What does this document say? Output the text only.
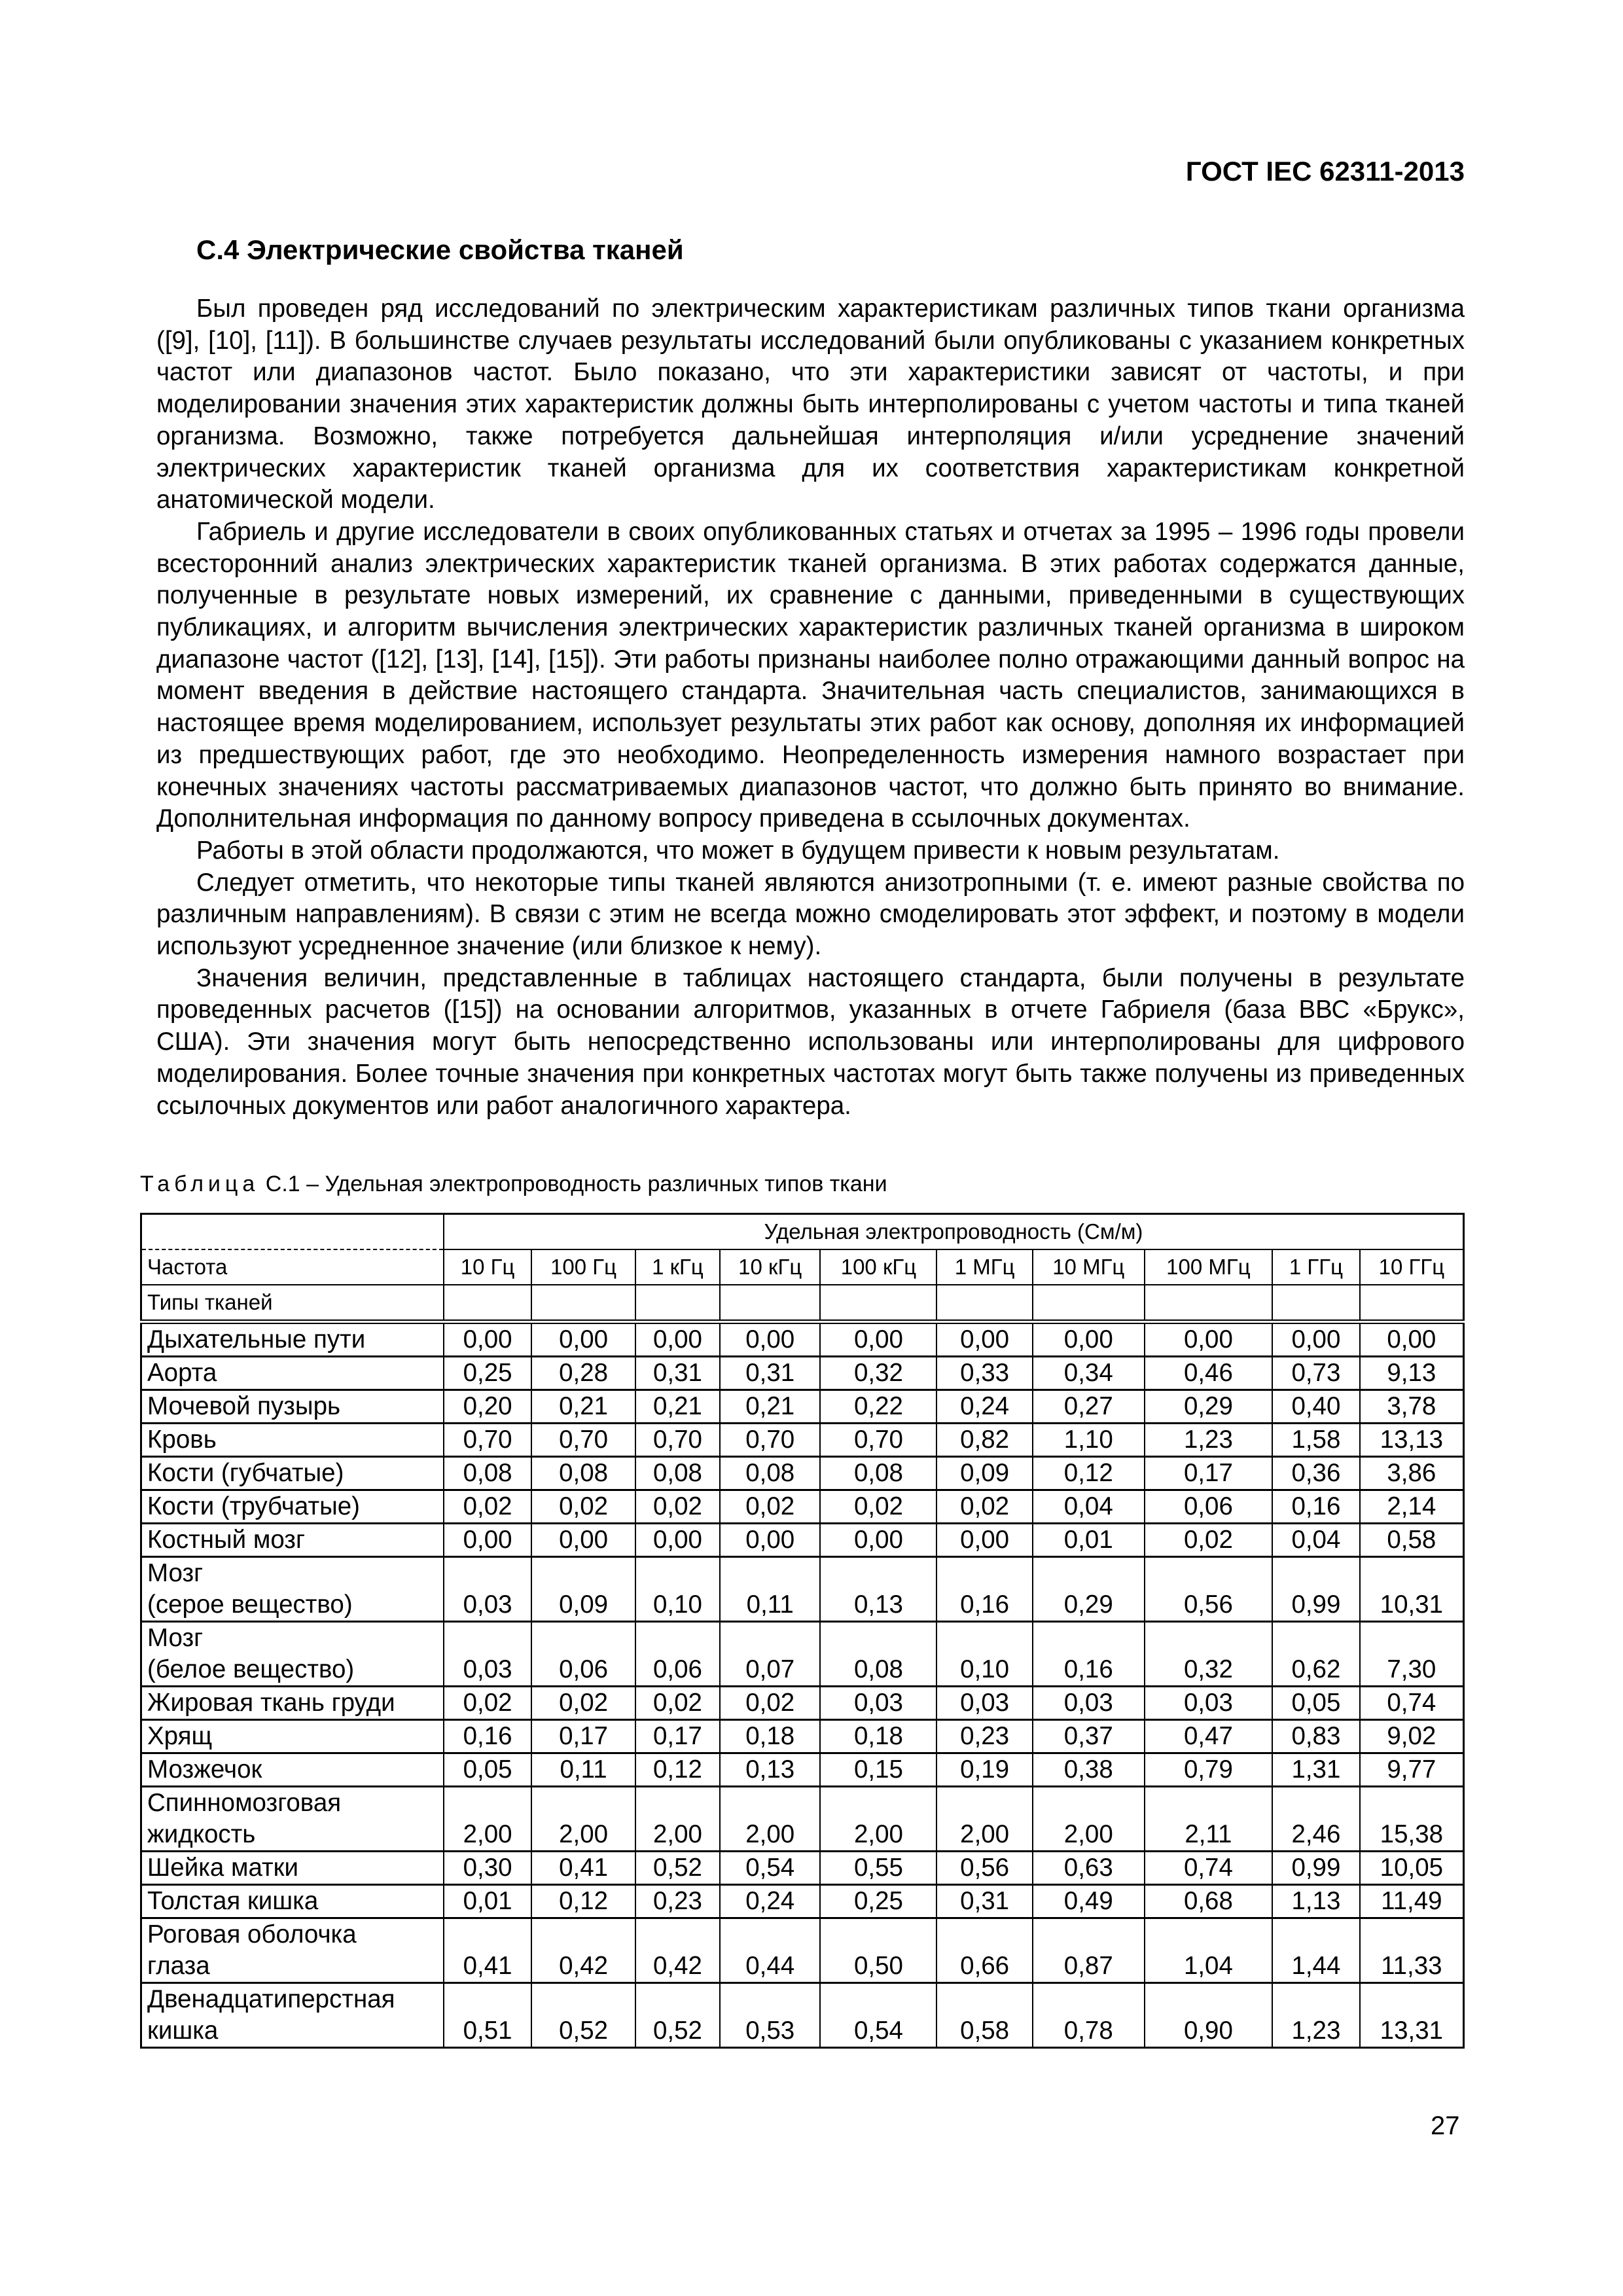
ГОСТ IEC 62311-2013
С.4 Электрические свойства тканей

Был проведен ряд исследований по электрическим характеристикам различных типов ткани организма ([9], [10], [11]). В большинстве случаев результаты исследований были опубликованы с указанием конкретных частот или диапазонов частот. Было показано, что эти характеристики зависят от частоты, и при моделировании значения этих характеристик должны быть интерполированы с учетом частоты и типа тканей организма. Возможно, также потребуется дальнейшая интерполяция и/или усреднение значений электрических характеристик тканей организма для их соответствия характеристикам конкретной анатомической модели.

Габриель и другие исследователи в своих опубликованных статьях и отчетах за 1995 – 1996 годы провели всесторонний анализ электрических характеристик тканей организма. В этих работах содержатся данные, полученные в результате новых измерений, их сравнение с данными, приведенными в существующих публикациях, и алгоритм вычисления электрических характеристик различных тканей организма в широком диапазоне частот ([12], [13], [14], [15]). Эти работы признаны наиболее полно отражающими данный вопрос на момент введения в действие настоящего стандарта. Значительная часть специалистов, занимающихся в настоящее время моделированием, использует результаты этих работ как основу, дополняя их информацией из предшествующих работ, где это необходимо. Неопределенность измерения намного возрастает при конечных значениях частоты рассматриваемых диапазонов частот, что должно быть принято во внимание. Дополнительная информация по данному вопросу приведена в ссылочных документах.

Работы в этой области продолжаются, что может в будущем привести к новым результатам.

Следует отметить, что некоторые типы тканей являются анизотропными (т. е. имеют разные свойства по различным направлениям). В связи с этим не всегда можно смоделировать этот эффект, и поэтому в модели используют усредненное значение (или близкое к нему).

Значения величин, представленные в таблицах настоящего стандарта, были получены в результате проведенных расчетов ([15]) на основании алгоритмов, указанных в отчете Габриеля (база ВВС «Брукс», США). Эти значения могут быть непосредственно использованы или интерполированы для цифрового моделирования. Более точные значения при конкретных частотах могут быть также получены из приведенных ссылочных документов или работ аналогичного характера.

Таблица С.1 – Удельная электропроводность различных типов ткани
	Удельная электропроводность (См/м)									
Частота	10 Гц	100 Гц	1 кГц	10 кГц	100 кГц	1 МГц	10 МГц	100 МГц	1 ГГц	10 ГГц
Типы тканей										

Дыхательные пути	0,00	0,00	0,00	0,00	0,00	0,00	0,00	0,00	0,00	0,00

Аорта	0,25	0,28	0,31	0,31	0,32	0,33	0,34	0,46	0,73	9,13

Мочевой пузырь	0,20	0,21	0,21	0,21	0,22	0,24	0,27	0,29	0,40	3,78

Кровь	0,70	0,70	0,70	0,70	0,70	0,82	1,10	1,23	1,58	13,13

Кости (губчатые)	0,08	0,08	0,08	0,08	0,08	0,09	0,12	0,17	0,36	3,86

Кости (трубчатые)	0,02	0,02	0,02	0,02	0,02	0,02	0,04	0,06	0,16	2,14

Костный мозг	0,00	0,00	0,00	0,00	0,00	0,00	0,01	0,02	0,04	0,58

Мозг
(серое вещество)	0,03	0,09	0,10	0,11	0,13	0,16	0,29	0,56	0,99	10,31

Мозг
(белое вещество)	0,03	0,06	0,06	0,07	0,08	0,10	0,16	0,32	0,62	7,30

Жировая ткань груди	0,02	0,02	0,02	0,02	0,03	0,03	0,03	0,03	0,05	0,74

Хрящ	0,16	0,17	0,17	0,18	0,18	0,23	0,37	0,47	0,83	9,02

Мозжечок	0,05	0,11	0,12	0,13	0,15	0,19	0,38	0,79	1,31	9,77

Спинномозговая
жидкость	2,00	2,00	2,00	2,00	2,00	2,00	2,00	2,11	2,46	15,38

Шейка матки	0,30	0,41	0,52	0,54	0,55	0,56	0,63	0,74	0,99	10,05

Толстая кишка	0,01	0,12	0,23	0,24	0,25	0,31	0,49	0,68	1,13	11,49

Роговая оболочка
глаза	0,41	0,42	0,42	0,44	0,50	0,66	0,87	1,04	1,44	11,33

Двенадцатиперстная
кишка	0,51	0,52	0,52	0,53	0,54	0,58	0,78	0,90	1,23	13,31
27
